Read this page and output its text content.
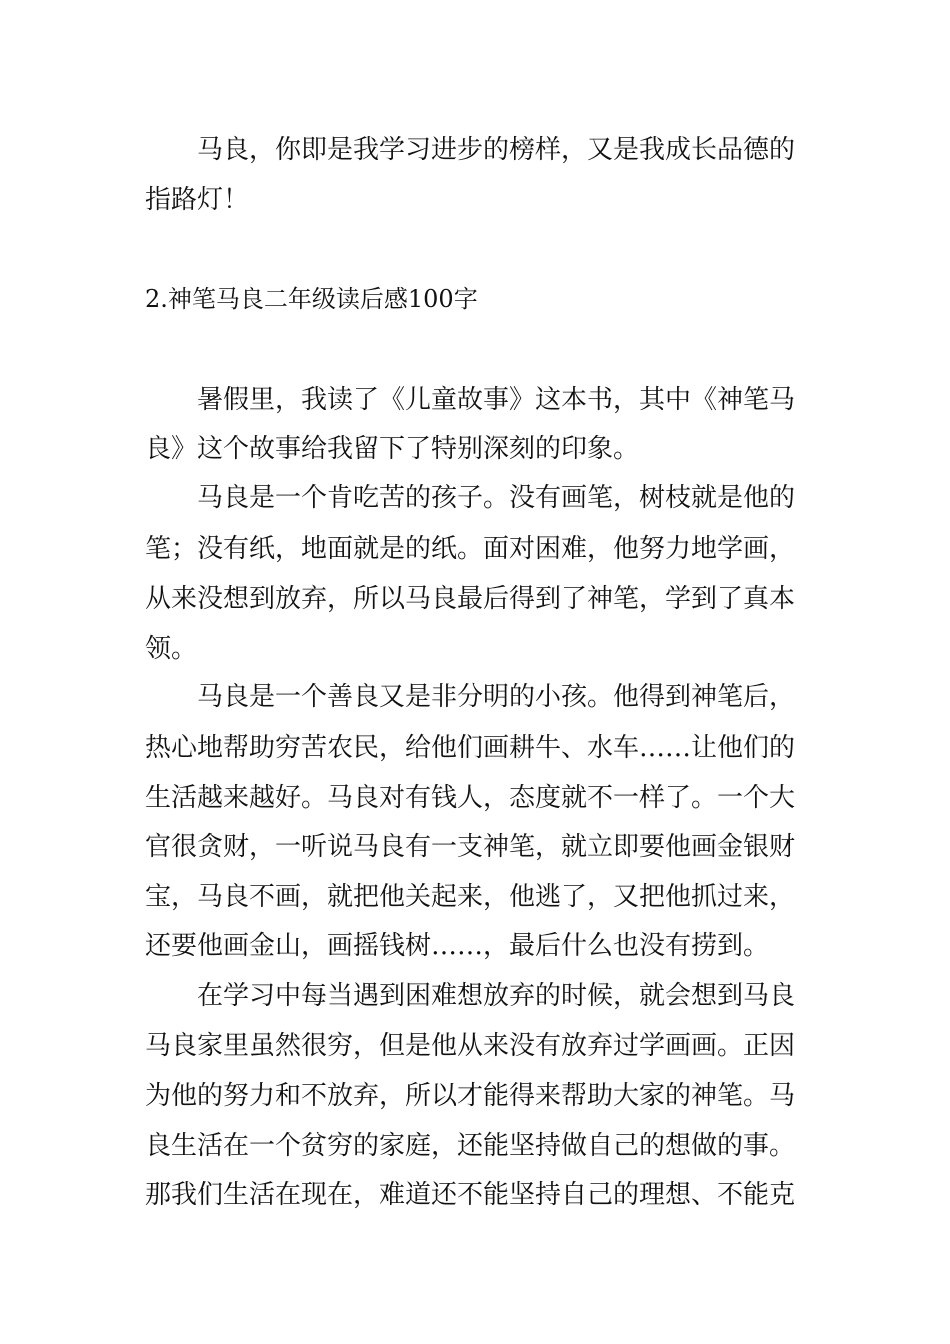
马良，你即是我学习进步的榜样，又是我成长品德的
指路灯！
2.神笔马良二年级读后感100字
暑假里，我读了《儿童故事》这本书，其中《神笔马
良》这个故事给我留下了特别深刻的印象。
马良是一个肯吃苦的孩子。没有画笔，树枝就是他的
笔；没有纸，地面就是的纸。面对困难，他努力地学画，
从来没想到放弃，所以马良最后得到了神笔，学到了真本
领。
马良是一个善良又是非分明的小孩。他得到神笔后，
热心地帮助穷苦农民，给他们画耕牛、水车……让他们的
生活越来越好。马良对有钱人，态度就不一样了。一个大
官很贪财，一听说马良有一支神笔，就立即要他画金银财
宝，马良不画，就把他关起来，他逃了，又把他抓过来，
还要他画金山，画摇钱树……，最后什么也没有捞到。
在学习中每当遇到困难想放弃的时候，就会想到马良
马良家里虽然很穷，但是他从来没有放弃过学画画。正因
为他的努力和不放弃，所以才能得来帮助大家的神笔。马
良生活在一个贫穷的家庭，还能坚持做自己的想做的事。
那我们生活在现在，难道还不能坚持自己的理想、不能克
